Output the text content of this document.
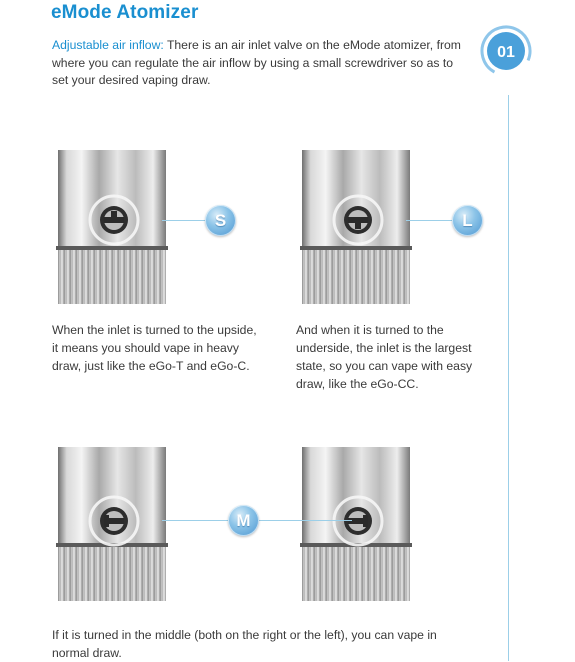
eMode Atomizer
Adjustable air inflow: There is an air inlet valve on the eMode atomizer, from where you can regulate the air inflow by using a small screwdriver so as to set your desired vaping draw.
01
S	L
When the inlet is turned to the upside, it means you should vape in heavy draw, just like the eGo-T and eGo-C.
And when it is turned to the underside, the inlet is the largest state, so you can vape with easy draw, like the eGo-CC.
M
If it is turned in the middle (both on the right or the left), you can vape in normal draw.
